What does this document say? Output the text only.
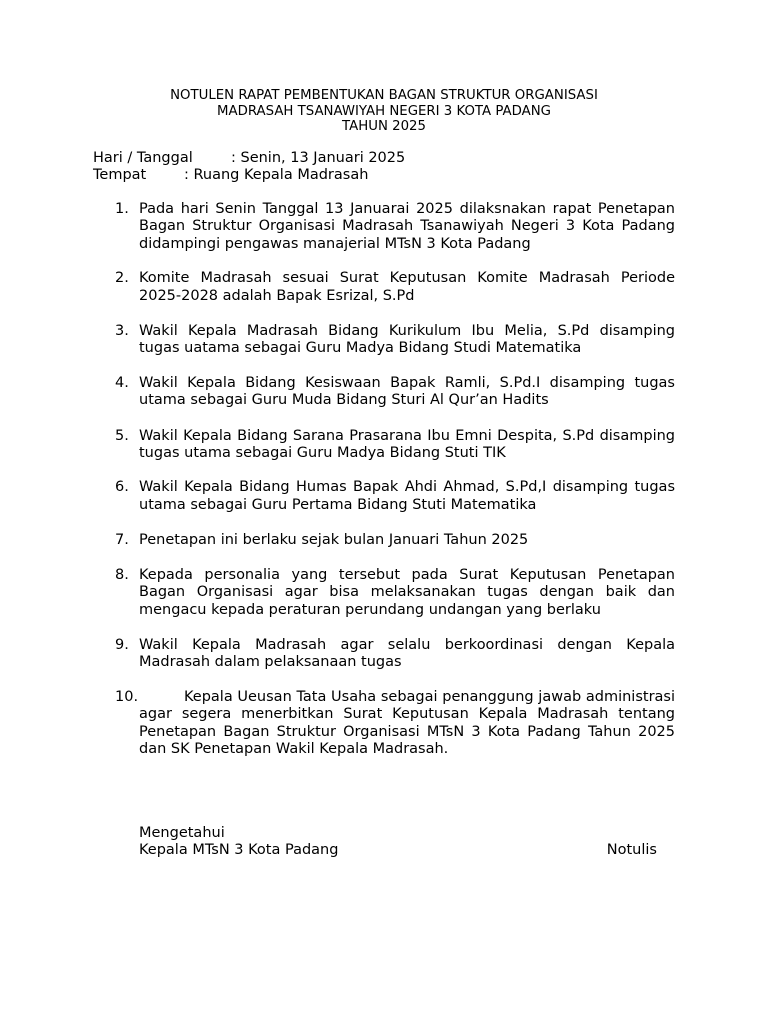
NOTULEN RAPAT PEMBENTUKAN BAGAN STRUKTUR ORGANISASI
MADRASAH TSANAWIYAH NEGERI 3 KOTA PADANG
TAHUN 2025
Hari / Tanggal	: Senin, 13 Januari 2025
Tempat	: Ruang Kepala Madrasah
1. Pada hari Senin Tanggal 13 Januarai 2025 dilaksnakan rapat Penetapan Bagan Struktur Organisasi Madrasah Tsanawiyah Negeri 3 Kota Padang didampingi pengawas manajerial MTsN 3 Kota Padang
2. Komite Madrasah sesuai Surat Keputusan Komite Madrasah Periode 2025-2028 adalah Bapak Esrizal, S.Pd
3. Wakil Kepala Madrasah Bidang Kurikulum Ibu Melia, S.Pd disamping tugas uatama sebagai Guru Madya Bidang Studi Matematika
4. Wakil Kepala Bidang Kesiswaan Bapak Ramli, S.Pd.I disamping tugas utama sebagai Guru Muda Bidang Sturi Al Qur’an Hadits
5. Wakil Kepala Bidang Sarana Prasarana Ibu Emni Despita, S.Pd disamping tugas utama sebagai Guru Madya Bidang Stuti TIK
6. Wakil Kepala Bidang Humas Bapak Ahdi Ahmad, S.Pd,I disamping tugas utama sebagai Guru Pertama Bidang Stuti Matematika
7. Penetapan ini berlaku sejak bulan Januari Tahun 2025
8. Kepada personalia yang tersebut pada Surat Keputusan Penetapan Bagan Organisasi agar bisa melaksanakan tugas dengan baik dan mengacu kepada peraturan perundang undangan yang berlaku
9. Wakil Kepala Madrasah agar selalu berkoordinasi dengan Kepala Madrasah dalam pelaksanaan tugas
10.	Kepala Ueusan Tata Usaha sebagai penanggung jawab administrasi agar segera menerbitkan Surat Keputusan Kepala Madrasah tentang Penetapan Bagan Struktur Organisasi MTsN 3 Kota Padang Tahun 2025 dan SK Penetapan Wakil Kepala Madrasah.
Mengetahui
Kepala MTsN 3 Kota Padang	Notulis
